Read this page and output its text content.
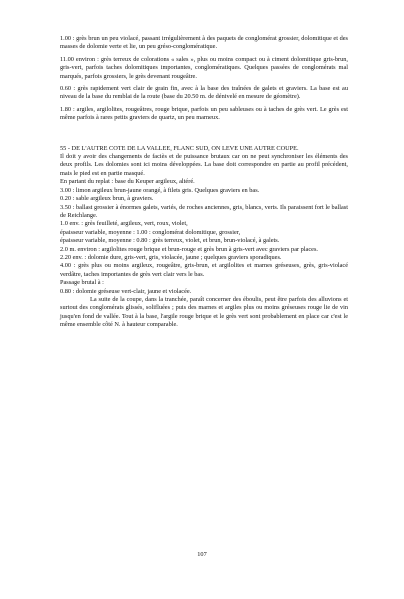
1.00 : grès brun un peu violacé, passant irrégulièrement à des paquets de conglomérat grossier, dolomitique et des masses de dolomie verte et lie, un peu gréso-conglomératique.

11.00 environ : grès terreux de colorations « sales », plus ou moins compact ou à ciment dolomitique gris-brun, gris-vert, parfois taches dolomitiques importantes, conglomératiques. Quelques passées de conglomérats mal marqués, parfois grossiers, le grès devenant rougeâtre.

0.60 : grès rapidement vert clair de grain fin, avec à la base des traînées de galets et graviers. La base est au niveau de la base du remblai de la route (base du 20.50 m. de dénivelé en mesure de géomètre).

1.80 : argiles, argilolites, rougeâtres, rouge brique, parfois un peu sableuses ou à taches de grès vert. Le grès est même parfois à rares petits graviers de quartz, un peu marneux.

55 - DE L'AUTRE COTE DE LA VALLEE, FLANC SUD, ON LEVE UNE AUTRE COUPE.

Il doit y avoir des changements de faciès et de puissance brutaux car on ne peut synchroniser les éléments des deux profils. Les dolomies sont ici moins développées. La base doit correspondre en partie au profil précédent, mais le pied est en partie masqué.

En partant du replat : base du Keuper argileux, altéré.

3.00 : limon argileux brun-jaune orangé, à filets gris. Quelques graviers en bas.

0.20 : sable argileux brun, à graviers.

3.50 : ballast grossier à énormes galets, variés, de roches anciennes, gris, blancs, verts. Ils paraissent fort le ballast de Reichlange.

1.0 env. : grès feuilleté, argileux, vert, roux, violet,

épaisseur variable, moyenne : 1.00 : conglomérat dolomitique, grossier,

épaisseur variable, moyenne : 0.80 : grès terreux, violet, et brun, brun-violacé, à galets.

2.0 m. environ : argilolites rouge brique et brun-rouge et grès brun à gris-vert avec graviers par places.

2.20 env. : dolomie dure, gris-vert, gris, violacée, jaune ; quelques graviers sporadiques.

4.00 : grès plus ou moins argileux, rougeâtre, gris-brun, et argilolites et marnes gréseuses, grès, gris-violacé verdâtre, taches importantes de grès vert clair vers le bas.

Passage brutal à :

0.80 : dolomie gréseuse vert-clair, jaune et violacée.

La suite de la coupe, dans la tranchée, paraît concerner des éboulis, peut être parfois des alluvions et surtout des conglomérats glissés, solifluées ; puis des marnes et argiles plus ou moins gréseuses rouge lie de vin jusqu'en fond de vallée. Tout à la base, l'argile rouge brique et le grès vert sont probablement en place car c'est le même ensemble côté N. à hauteur comparable.

107
